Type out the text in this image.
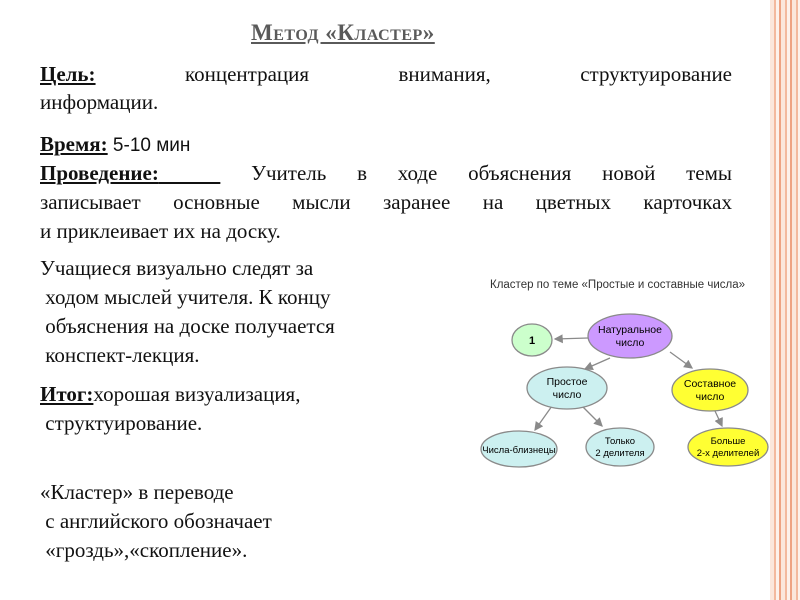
Метод «Кластер»
Цель:	концентрация внимания, структуирование
информации.
Время: 5-10 мин
Проведение:	Учитель в ходе объяснения новой темы
записывает основные мысли заранее на цветных карточках
и приклеивает их на доску.
Учащиеся визуально следят за
ходом мыслей учителя. К концу
объяснения на доске получается
конспект-лекция.
Итог:хорошая визуализация,
структуирование.
«Кластер» в переводе
с английского обозначает
«гроздь»,«скопление».
Кластер по теме «Простые и составные числа»
1
Натуральное
число
Простое
число
Составное
число
Числа-близнецы
Только
2 делителя
Больше
2-х делителей
